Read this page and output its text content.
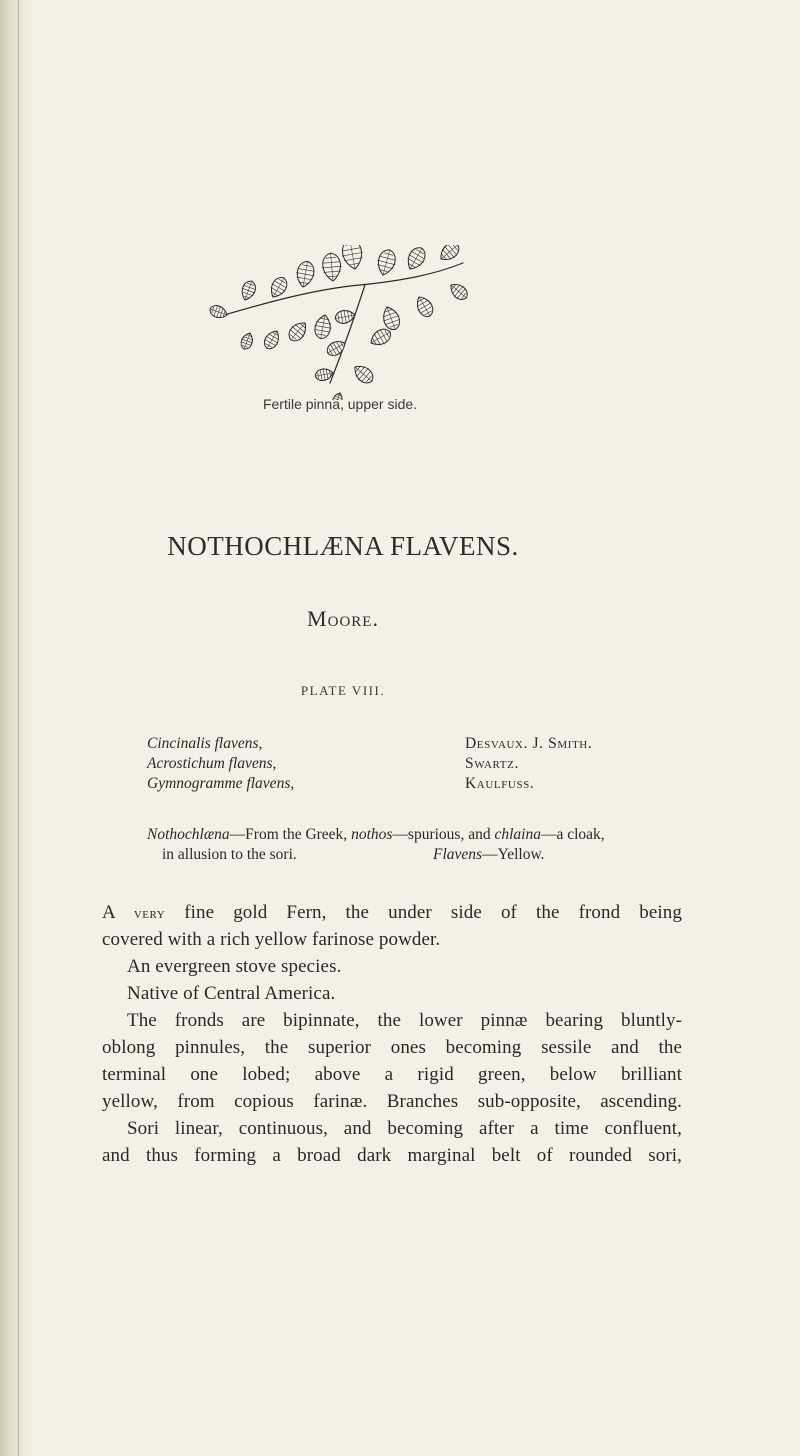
Fertile pinna, upper side.
NOTHOCHLÆNA FLAVENS.
Moore.
PLATE VIII.
Cincinalis flavens,	Desvaux. J. Smith.
Acrostichum flavens,	Swartz.
Gymnogramme flavens,	Kaulfuss.
Nothochlæna—From the Greek, nothos—spurious, and chlaina—a cloak,
in allusion to the sori.	Flavens—Yellow.
A very fine gold Fern, the under side of the frond being
covered with a rich yellow farinose powder.
An evergreen stove species.
Native of Central America.
The fronds are bipinnate, the lower pinnæ bearing bluntly-
oblong pinnules, the superior ones becoming sessile and the
terminal one lobed; above a rigid green, below brilliant
yellow, from copious farinæ. Branches sub-opposite, ascending.
Sori linear, continuous, and becoming after a time confluent,
and thus forming a broad dark marginal belt of rounded sori,
